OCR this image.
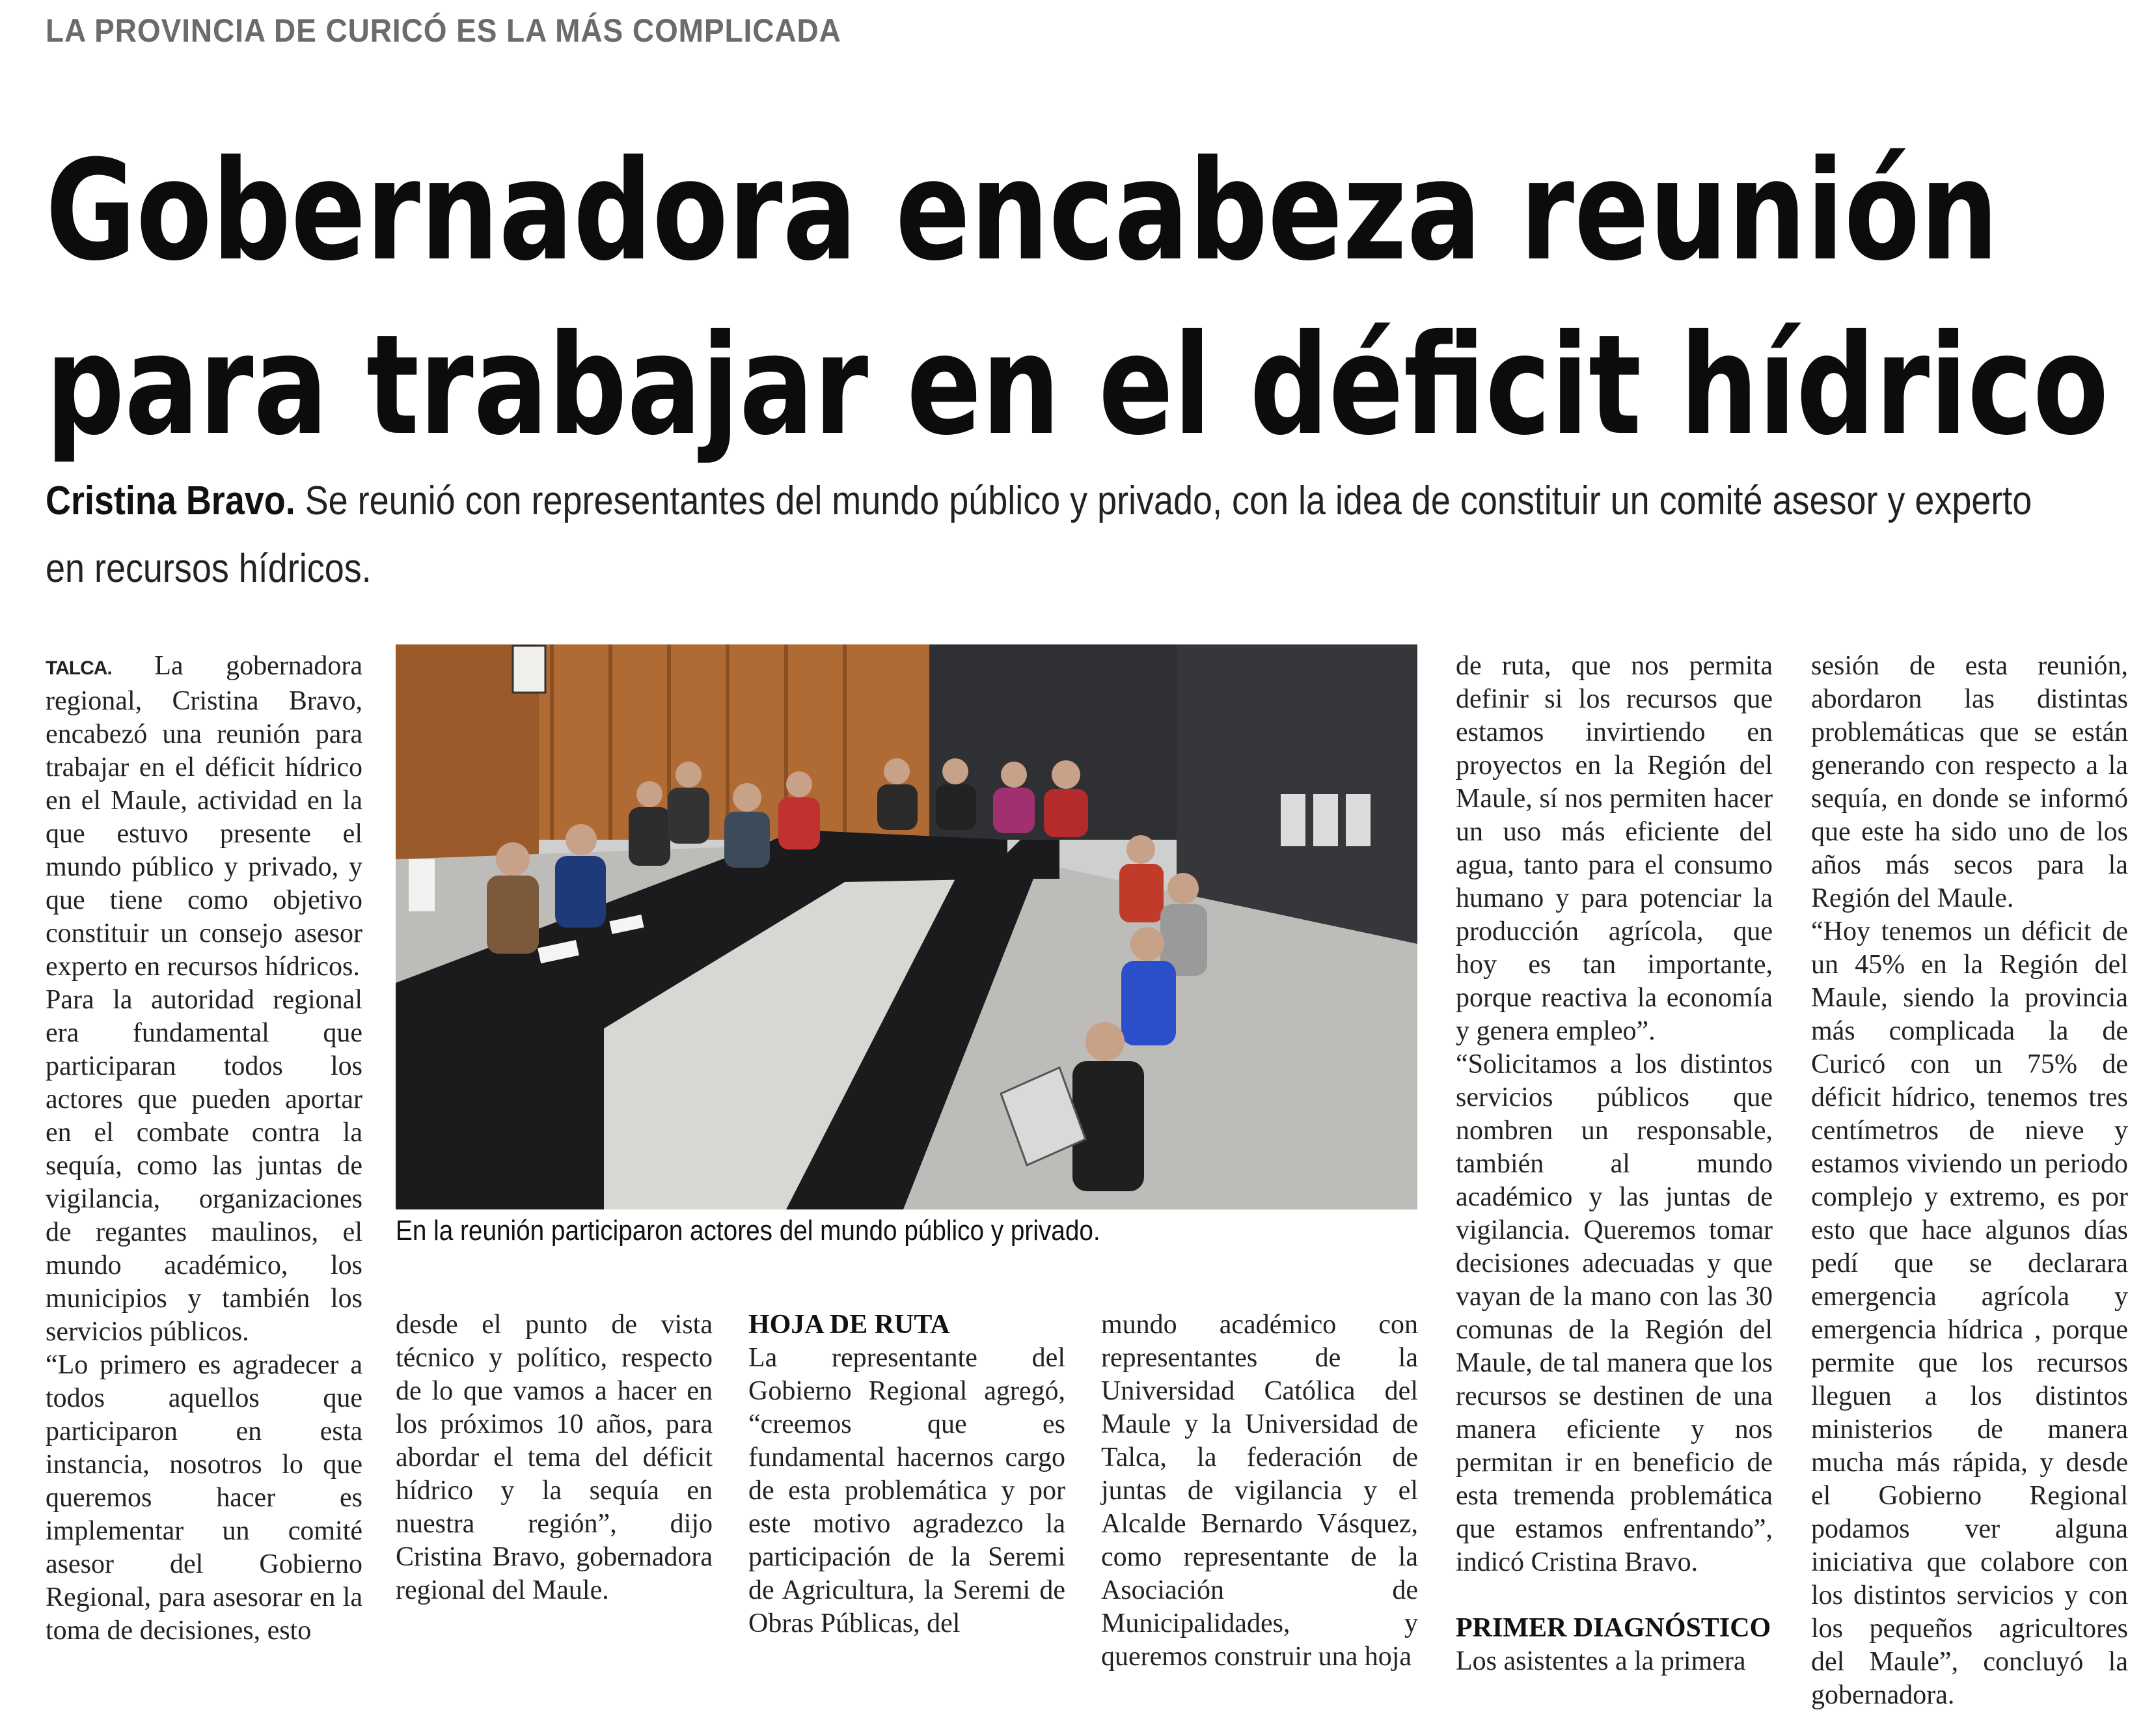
LA PROVINCIA DE CURICÓ ES LA MÁS COMPLICADA
Gobernadora encabeza reunión
para trabajar en el déficit hídrico
Cristina Bravo. Se reunió con representantes del mundo público y privado, con la idea de constituir un comité asesor y experto
en recursos hídricos.
En la reunión participaron actores del mundo público y privado.

TALCA. La gobernadora regional, Cristina Bravo, encabezó una reunión para trabajar en el déficit hídrico en el Maule, actividad en la que estuvo presente el mundo público y privado, y que tiene como objetivo constituir un consejo asesor experto en recursos hídricos.

Para la autoridad regional era fundamental que participaran todos los actores que pueden aportar en el combate contra la sequía, como las juntas de vigilancia, organizaciones de regantes maulinos, el mundo académico, los municipios y también los servicios públicos.

“Lo primero es agradecer a todos aquellos que participaron en esta instancia, nosotros lo que queremos hacer es implementar un comité asesor del Gobierno Regional, para asesorar en la toma de decisiones, esto

desde el punto de vista técnico y político, respecto de lo que vamos a hacer en los próximos 10 años, para abordar el tema del déficit hídrico y la sequía en nuestra región”, dijo Cristina Bravo, gobernadora regional del Maule.

HOJA DE RUTA

La representante del Gobierno Regional agregó, “creemos que es fundamental hacernos cargo de esta problemática y por este motivo agradezco la participación de la Seremi de Agricultura, la Seremi de Obras Públicas, del

mundo académico con representantes de la Universidad Católica del Maule y la Universidad de Talca, la federación de juntas de vigilancia y el Alcalde Bernardo Vásquez, como representante de la Asociación de Municipalidades, y queremos construir una hoja

de ruta, que nos permita definir si los recursos que estamos invirtiendo en proyectos en la Región del Maule, sí nos permiten hacer un uso más eficiente del agua, tanto para el consumo humano y para potenciar la producción agrícola, que hoy es tan importante, porque reactiva la economía y genera empleo”.

“Solicitamos a los distintos servicios públicos que nombren un responsable, también al mundo académico y las juntas de vigilancia. Queremos tomar decisiones adecuadas y que vayan de la mano con las 30 comunas de la Región del Maule, de tal manera que los recursos se destinen de una manera eficiente y nos permitan ir en beneficio de esta tremenda problemática que estamos enfrentando”, indicó Cristina Bravo.

PRIMER DIAGNÓSTICO

Los asistentes a la primera

sesión de esta reunión, abordaron las distintas problemáticas que se están generando con respecto a la sequía, en donde se informó que este ha sido uno de los años más secos para la Región del Maule.

“Hoy tenemos un déficit de un 45% en la Región del Maule, siendo la provincia más complicada la de Curicó con un 75% de déficit hídrico, tenemos tres centímetros de nieve y estamos viviendo un periodo complejo y extremo, es por esto que hace algunos días pedí que se declarara emergencia agrícola y emergencia hídrica , porque permite que los recursos lleguen a los distintos ministerios de manera mucha más rápida, y desde el Gobierno Regional podamos ver alguna iniciativa que colabore con los distintos servicios y con los pequeños agricultores del Maule”, concluyó la gobernadora.
